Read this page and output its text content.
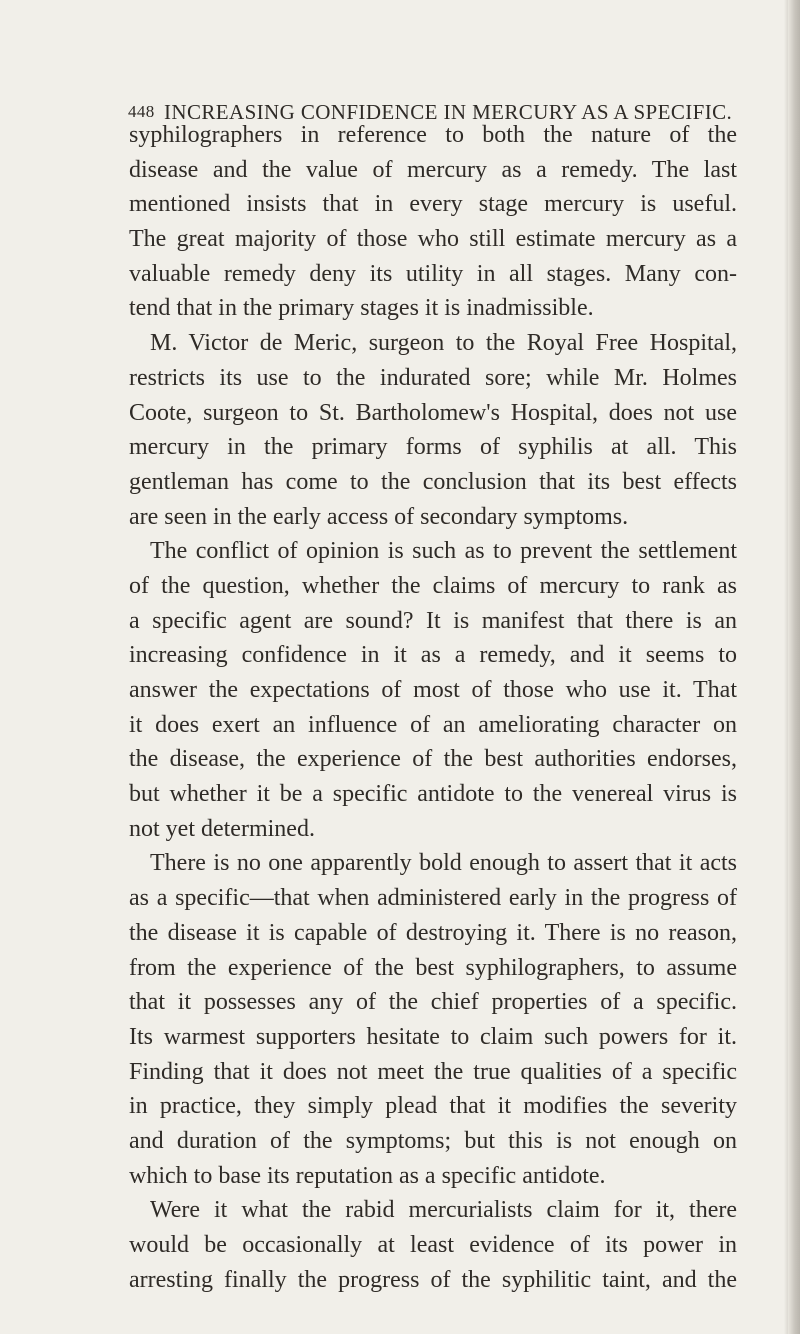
448 INCREASING CONFIDENCE IN MERCURY AS A SPECIFIC.
syphilographers in reference to both the nature of the
disease and the value of mercury as a remedy. The last
mentioned insists that in every stage mercury is useful.
The great majority of those who still estimate mercury as a
valuable remedy deny its utility in all stages. Many con-
tend that in the primary stages it is inadmissible.
M. Victor de Meric, surgeon to the Royal Free Hospital,
restricts its use to the indurated sore; while Mr. Holmes
Coote, surgeon to St. Bartholomew's Hospital, does not use
mercury in the primary forms of syphilis at all. This
gentleman has come to the conclusion that its best effects
are seen in the early access of secondary symptoms.
The conflict of opinion is such as to prevent the settlement
of the question, whether the claims of mercury to rank as
a specific agent are sound? It is manifest that there is an
increasing confidence in it as a remedy, and it seems to
answer the expectations of most of those who use it. That
it does exert an influence of an ameliorating character on
the disease, the experience of the best authorities endorses,
but whether it be a specific antidote to the venereal virus is
not yet determined.
There is no one apparently bold enough to assert that it acts
as a specific—that when administered early in the progress of
the disease it is capable of destroying it. There is no reason,
from the experience of the best syphilographers, to assume
that it possesses any of the chief properties of a specific.
Its warmest supporters hesitate to claim such powers for it.
Finding that it does not meet the true qualities of a specific
in practice, they simply plead that it modifies the severity
and duration of the symptoms; but this is not enough on
which to base its reputation as a specific antidote.
Were it what the rabid mercurialists claim for it, there
would be occasionally at least evidence of its power in
arresting finally the progress of the syphilitic taint, and the
